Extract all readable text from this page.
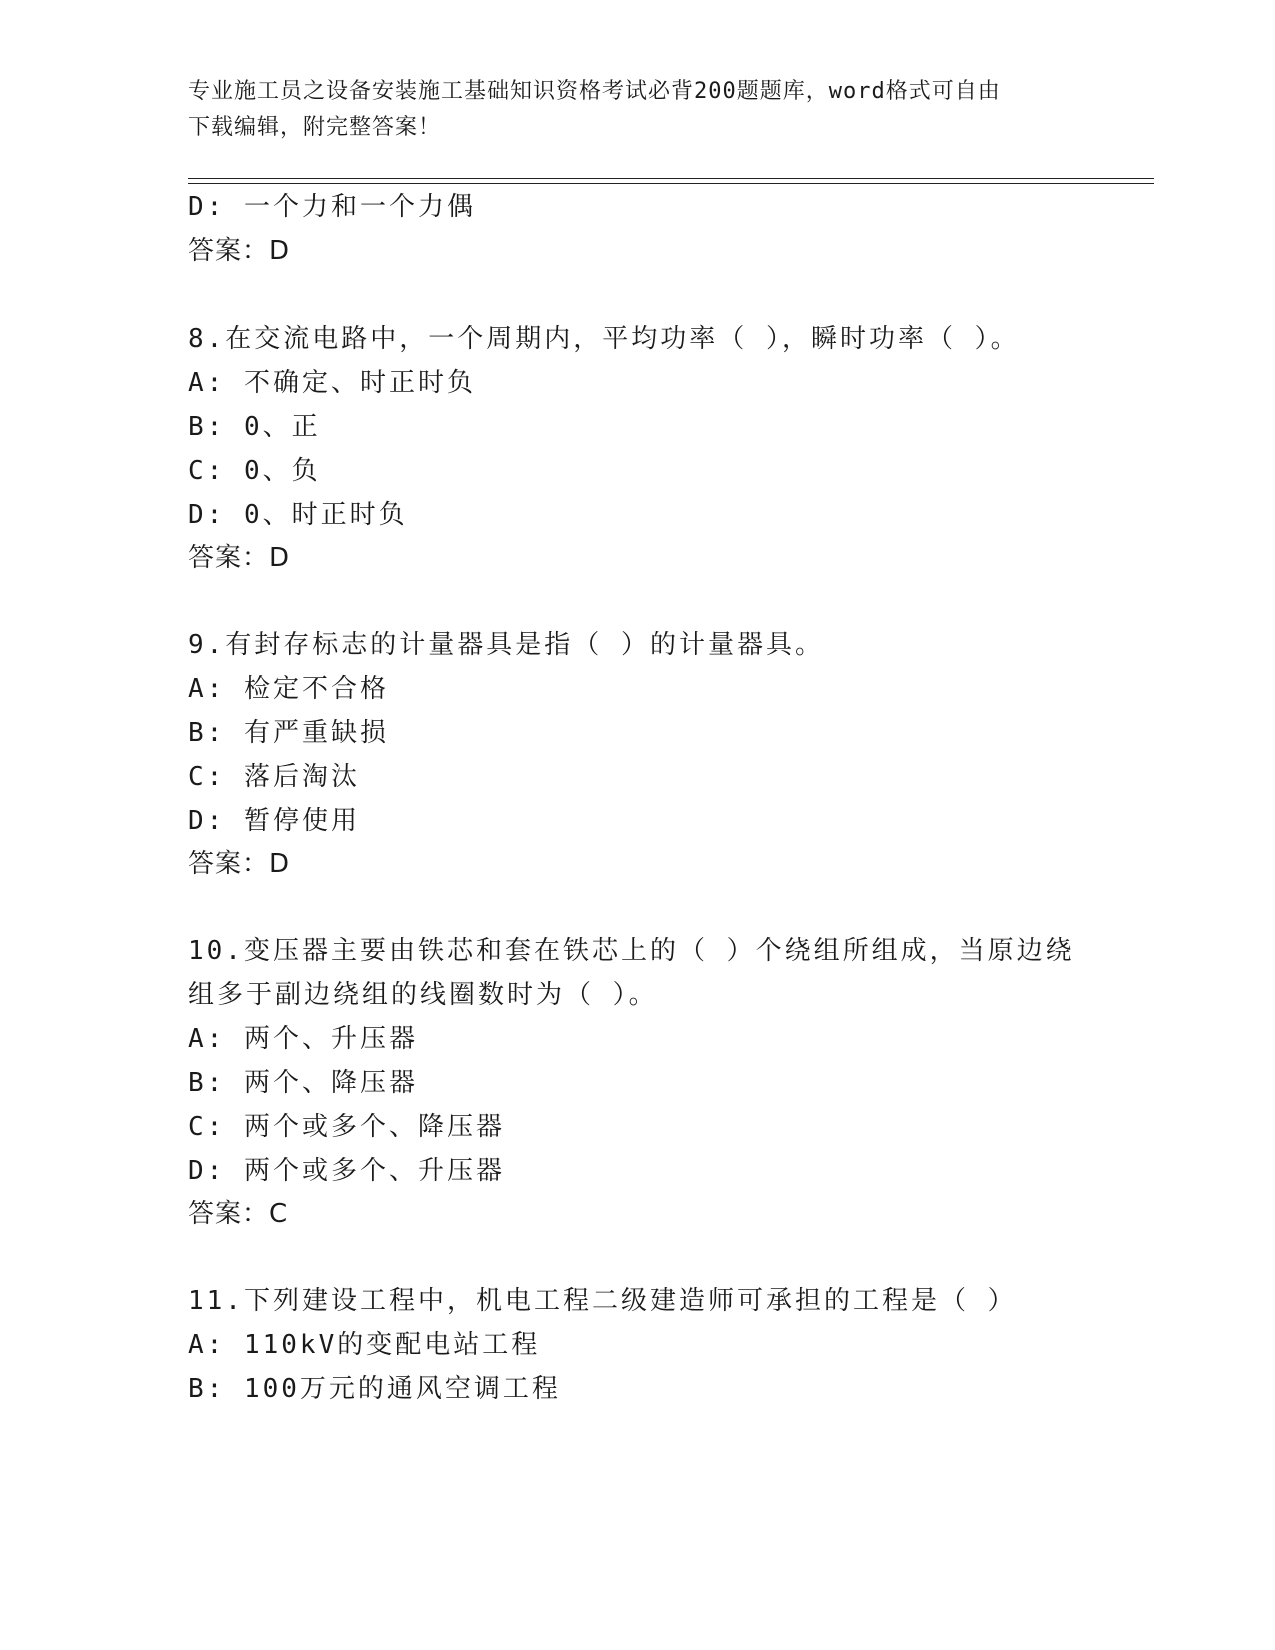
专业施工员之设备安装施工基础知识资格考试必背200题题库，word格式可自由
下载编辑，附完整答案！
D: 一个力和一个力偶
答案：D
8.在交流电路中，一个周期内，平均功率（ ），瞬时功率（ ）。
A: 不确定、时正时负
B: 0、正
C: 0、负
D: 0、时正时负
答案：D
9.有封存标志的计量器具是指（ ）的计量器具。
A: 检定不合格
B: 有严重缺损
C: 落后淘汰
D: 暂停使用
答案：D
10.变压器主要由铁芯和套在铁芯上的（ ）个绕组所组成，当原边绕
组多于副边绕组的线圈数时为（ ）。
A: 两个、升压器
B: 两个、降压器
C: 两个或多个、降压器
D: 两个或多个、升压器
答案：C
11.下列建设工程中，机电工程二级建造师可承担的工程是（ ）
A: 110kV的变配电站工程
B: 100万元的通风空调工程
